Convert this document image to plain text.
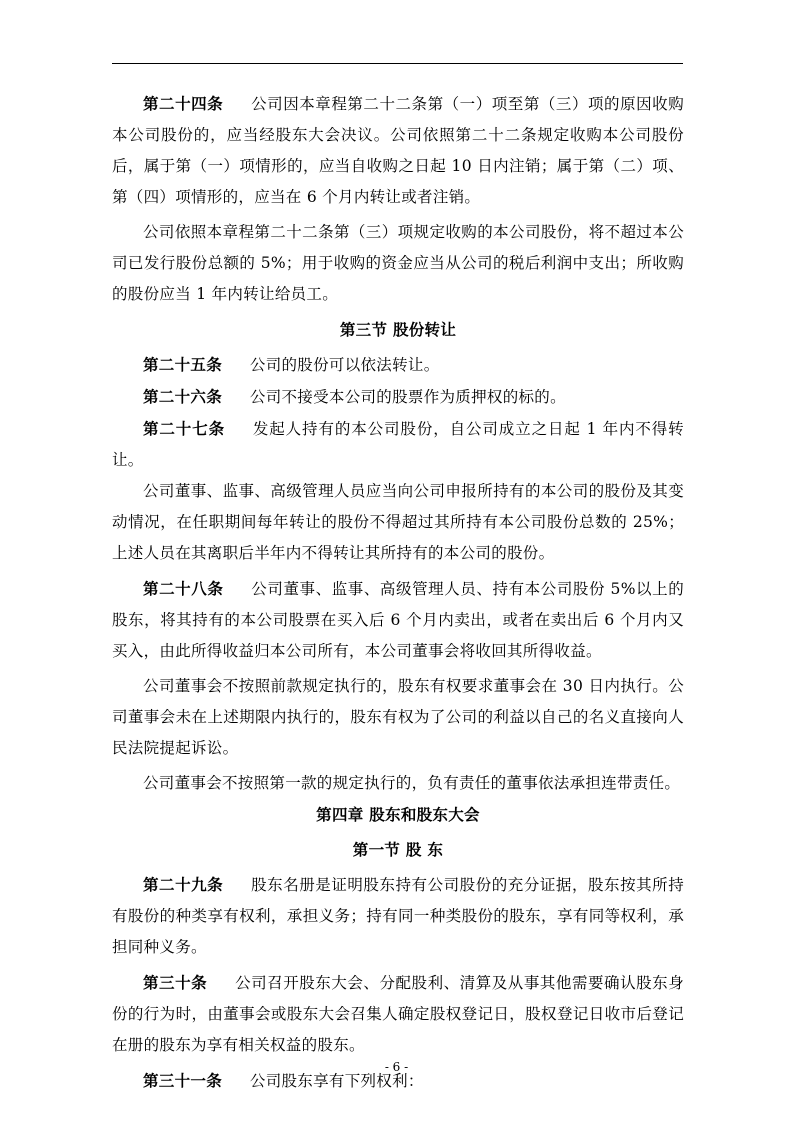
第二十四条 公司因本章程第二十二条第（一）项至第（三）项的原因收购本公司股份的，应当经股东大会决议。公司依照第二十二条规定收购本公司股份后，属于第（一）项情形的，应当自收购之日起 10 日内注销；属于第（二）项、第（四）项情形的，应当在 6 个月内转让或者注销。

公司依照本章程第二十二条第（三）项规定收购的本公司股份，将不超过本公司已发行股份总额的 5%；用于收购的资金应当从公司的税后利润中支出；所收购的股份应当 1 年内转让给员工。

第三节 股份转让

第二十五条 公司的股份可以依法转让。

第二十六条 公司不接受本公司的股票作为质押权的标的。

第二十七条 发起人持有的本公司股份，自公司成立之日起 1 年内不得转让。

公司董事、监事、高级管理人员应当向公司申报所持有的本公司的股份及其变动情况，在任职期间每年转让的股份不得超过其所持有本公司股份总数的 25%；上述人员在其离职后半年内不得转让其所持有的本公司的股份。

第二十八条 公司董事、监事、高级管理人员、持有本公司股份 5%以上的股东，将其持有的本公司股票在买入后 6 个月内卖出，或者在卖出后 6 个月内又买入，由此所得收益归本公司所有，本公司董事会将收回其所得收益。

公司董事会不按照前款规定执行的，股东有权要求董事会在 30 日内执行。公司董事会未在上述期限内执行的，股东有权为了公司的利益以自己的名义直接向人民法院提起诉讼。

公司董事会不按照第一款的规定执行的，负有责任的董事依法承担连带责任。

第四章 股东和股东大会

第一节 股 东

第二十九条 股东名册是证明股东持有公司股份的充分证据，股东按其所持有股份的种类享有权利，承担义务；持有同一种类股份的股东，享有同等权利，承担同种义务。

第三十条 公司召开股东大会、分配股利、清算及从事其他需要确认股东身份的行为时，由董事会或股东大会召集人确定股权登记日，股权登记日收市后登记在册的股东为享有相关权益的股东。

第三十一条 公司股东享有下列权利：

- 6 -
